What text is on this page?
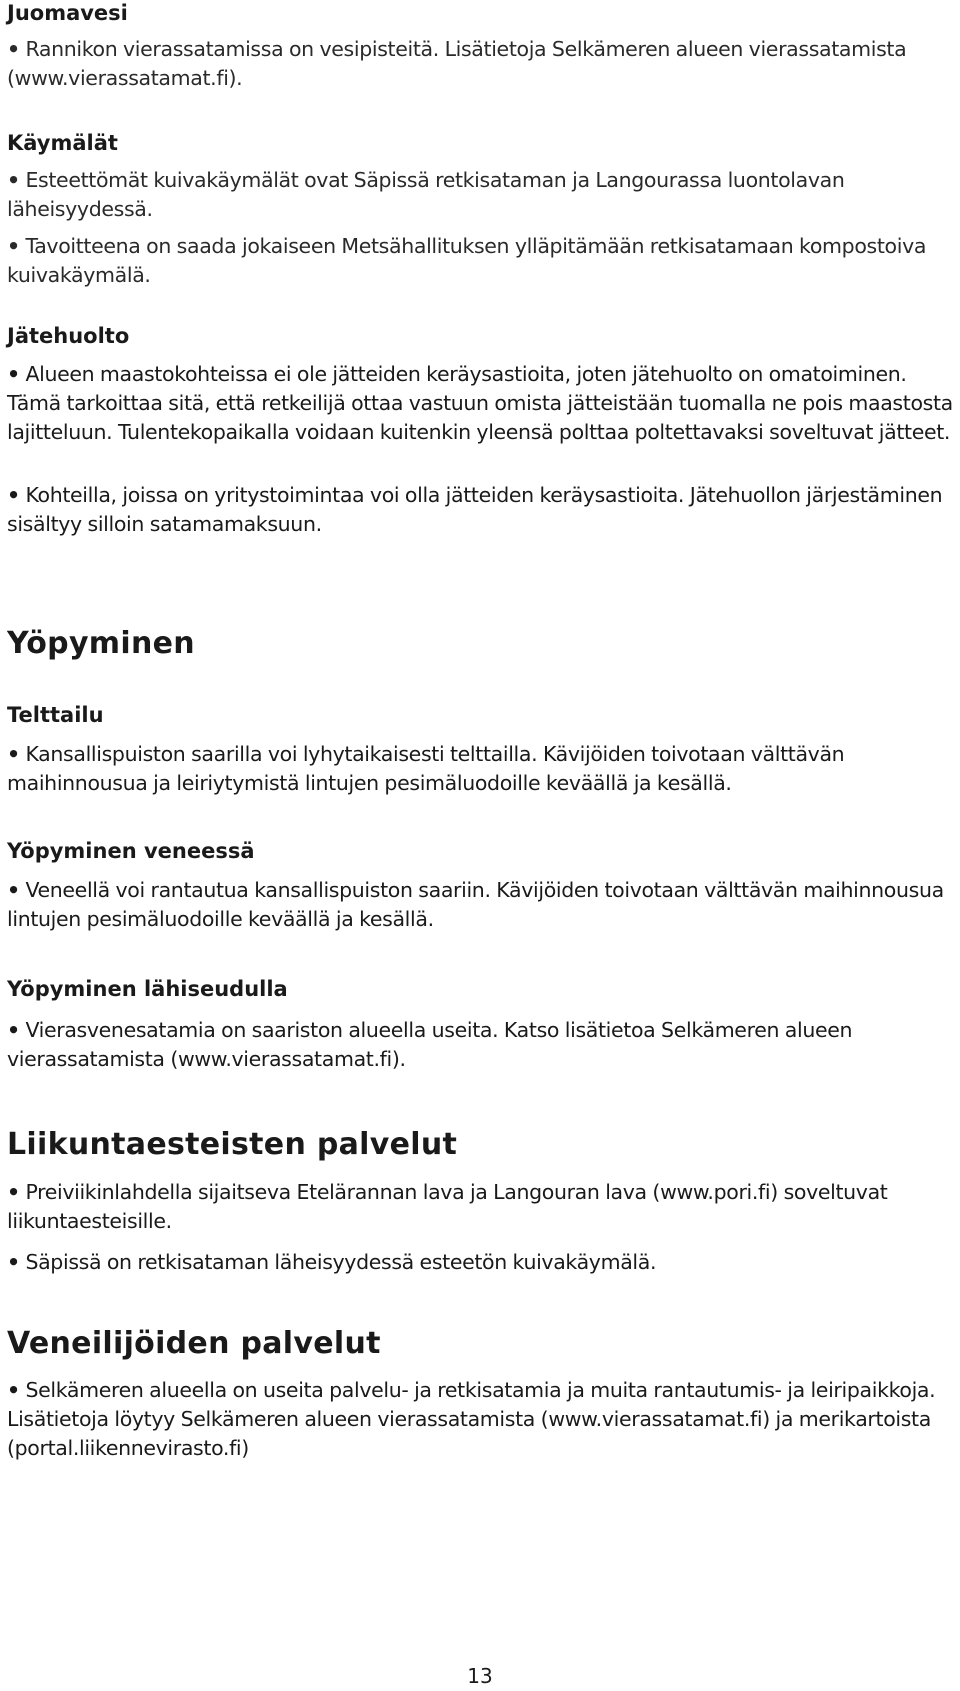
Juomavesi

• Rannikon vierassatamissa on vesipisteitä. Lisätietoja Selkämeren alueen vierassatamista (www.vierassatamat.fi).

Käymälät

• Esteettömät kuivakäymälät ovat Säpissä retkisataman ja Langourassa luontolavan läheisyydessä.

• Tavoitteena on saada jokaiseen Metsähallituksen ylläpitämään retkisatamaan kompostoiva kuivakäymälä.

Jätehuolto

• Alueen maastokohteissa ei ole jätteiden keräysastioita, joten jätehuolto on omatoiminen. Tämä tarkoittaa sitä, että retkeilijä ottaa vastuun omista jätteistään tuomalla ne pois maastosta lajitteluun. Tulentekopaikalla voidaan kuitenkin yleensä polttaa poltettavaksi soveltuvat jätteet.

• Kohteilla, joissa on yritystoimintaa voi olla jätteiden keräysastioita. Jätehuollon järjestäminen sisältyy silloin satamamaksuun.

Yöpyminen
Telttailu

• Kansallispuiston saarilla voi lyhytaikaisesti telttailla. Kävijöiden toivotaan välttävän maihinnousua ja leiriytymistä lintujen pesimäluodoille keväällä ja kesällä.

Yöpyminen veneessä

• Veneellä voi rantautua kansallispuiston saariin. Kävijöiden toivotaan välttävän maihinnousua lintujen pesimäluodoille keväällä ja kesällä.

Yöpyminen lähiseudulla

• Vierasvenesatamia on saariston alueella useita. Katso lisätietoa Selkämeren alueen vierassatamista (www.vierassatamat.fi).

Liikuntaesteisten palvelut

• Preiviikinlahdella sijaitseva Etelärannan lava ja Langouran lava (www.pori.fi) soveltuvat liikuntaesteisille.

• Säpissä on retkisataman läheisyydessä esteetön kuivakäymälä.

Veneilijöiden palvelut

• Selkämeren alueella on useita palvelu- ja retkisatamia ja muita rantautumis- ja leiripaikkoja. Lisätietoja löytyy Selkämeren alueen vierassatamista (www.vierassatamat.fi) ja merikartoista (portal.liikennevirasto.fi)

13
